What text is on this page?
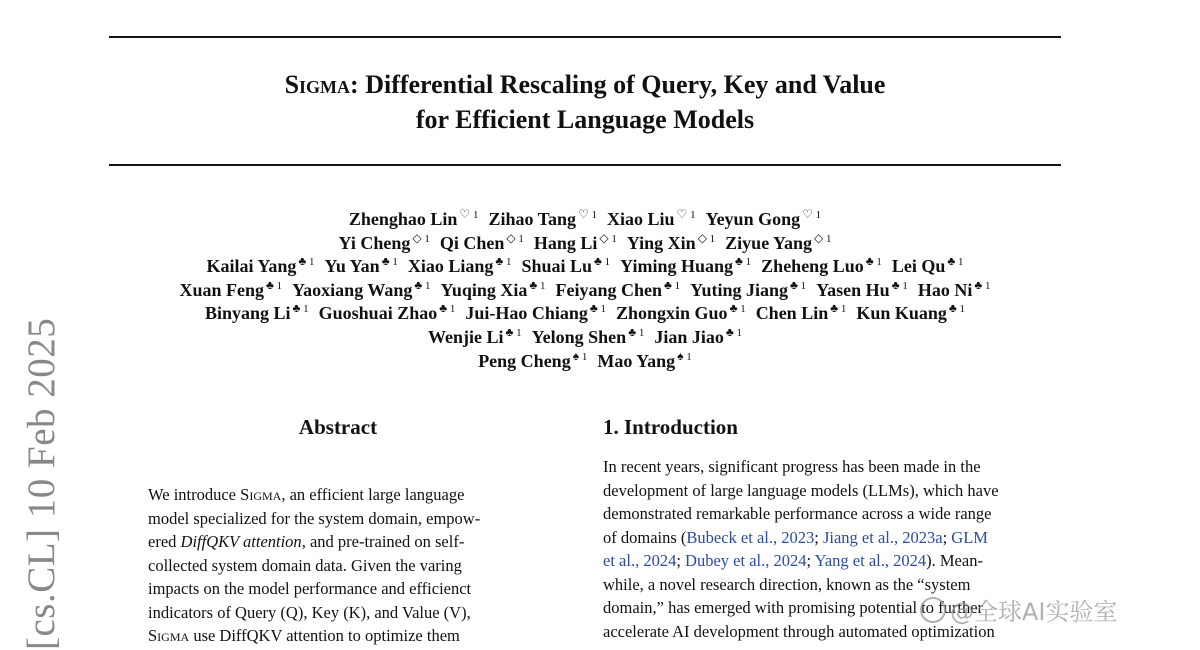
Sigma: Differential Rescaling of Query, Key and Value
for Efficient Language Models
Zhenghao Lin $^{♡ 1}$ Zihao Tang $^{♡ 1}$ Xiao Liu $^{♡ 1}$ Yeyun Gong $^{♡ 1}$
Yi Cheng $^{◇ 1}$ Qi Chen $^{◇ 1}$ Hang Li $^{◇ 1}$ Ying Xin $^{◇ 1}$ Ziyue Yang $^{◇ 1}$
Kailai Yang $^{♣ 1}$ Yu Yan $^{♣ 1}$ Xiao Liang $^{♣ 1}$ Shuai Lu $^{♣ 1}$ Yiming Huang $^{♣ 1}$ Zheheng Luo $^{♣ 1}$ Lei Qu $^{♣ 1}$
Xuan Feng $^{♣ 1}$ Yaoxiang Wang $^{♣ 1}$ Yuqing Xia $^{♣ 1}$ Feiyang Chen $^{♣ 1}$ Yuting Jiang $^{♣ 1}$ Yasen Hu $^{♣ 1}$ Hao Ni $^{♣ 1}$
Binyang Li $^{♣ 1}$ Guoshuai Zhao $^{♣ 1}$ Jui-Hao Chiang $^{♣ 1}$ Zhongxin Guo $^{♣ 1}$ Chen Lin $^{♣ 1}$ Kun Kuang $^{♣ 1}$
Wenjie Li $^{♣ 1}$ Yelong Shen $^{♣ 1}$ Jian Jiao $^{♣ 1}$
Peng Cheng $^{♠ 1}$ Mao Yang $^{♠ 1}$
[cs.CL] 10 Feb 2025	Abstract
We introduce Sigma, an efficient large language
model specialized for the system domain, empow-
ered DiffQKV attention, and pre-trained on self-
collected system domain data. Given the varing
impacts on the model performance and efficienct
indicators of Query (Q), Key (K), and Value (V),
Sigma use DiffQKV attention to optimize them
1. Introduction
In recent years, significant progress has been made in the
development of large language models (LLMs), which have
demonstrated remarkable performance across a wide range
of domains (Bubeck et al., 2023; Jiang et al., 2023a; GLM
et al., 2024; Dubey et al., 2024; Yang et al., 2024). Mean-
while, a novel research direction, known as the “system
domain,” has emerged with promising potential to further
accelerate AI development through automated optimization
@全球AI实验室
